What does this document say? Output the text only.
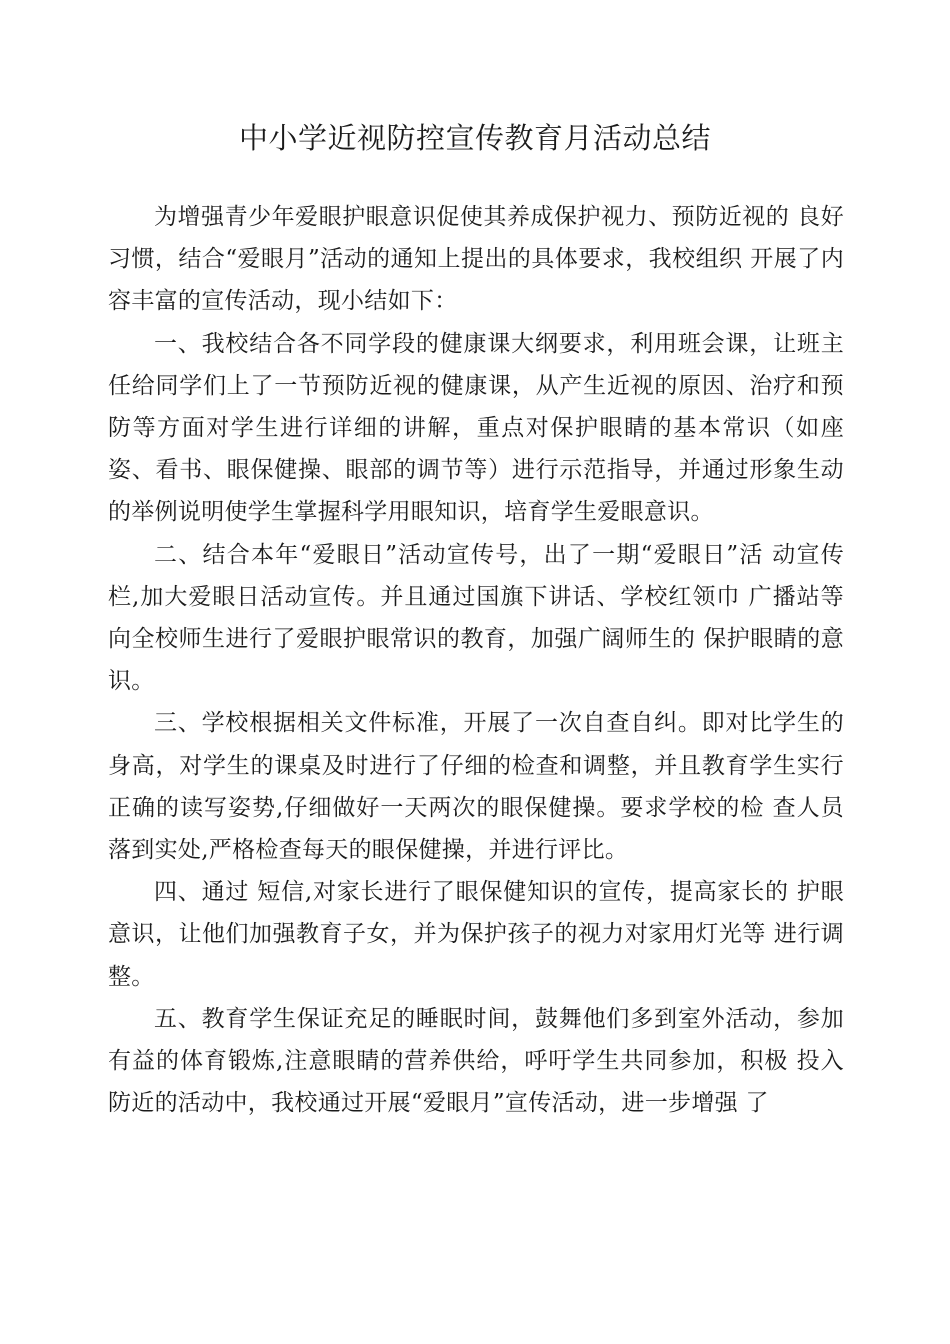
中小学近视防控宣传教育月活动总结

为增强青少年爱眼护眼意识促使其养成保护视力、预防近视的 良好习惯，结合“爱眼月”活动的通知上提出的具体要求，我校组织 开展了内容丰富的宣传活动，现小结如下：

一、我校结合各不同学段的健康课大纲要求，利用班会课，让班主任给同学们上了一节预防近视的健康课，从产生近视的原因、治疗和预防等方面对学生进行详细的讲解，重点对保护眼睛的基本常识（如座姿、看书、眼保健操、眼部的调节等）进行示范指导，并通过形象生动的举例说明使学生掌握科学用眼知识，培育学生爱眼意识。

二、结合本年“爱眼日”活动宣传号，出了一期“爱眼日”活 动宣传栏,加大爱眼日活动宣传。并且通过国旗下讲话、学校红领巾 广播站等向全校师生进行了爱眼护眼常识的教育，加强广阔师生的 保护眼睛的意识。

三、学校根据相关文件标准，开展了一次自查自纠。即对比学生的身高，对学生的课桌及时进行了仔细的检查和调整，并且教育学生实行正确的读写姿势,仔细做好一天两次的眼保健操。要求学校的检 查人员落到实处,严格检查每天的眼保健操，并进行评比。

四、通过 短信,对家长进行了眼保健知识的宣传，提高家长的 护眼意识，让他们加强教育子女，并为保护孩子的视力对家用灯光等 进行调整。

五、教育学生保证充足的睡眠时间，鼓舞他们多到室外活动，参加有益的体育锻炼,注意眼睛的营养供给，呼吁学生共同参加，积极 投入防近的活动中，我校通过开展“爱眼月”宣传活动，进一步增强 了
